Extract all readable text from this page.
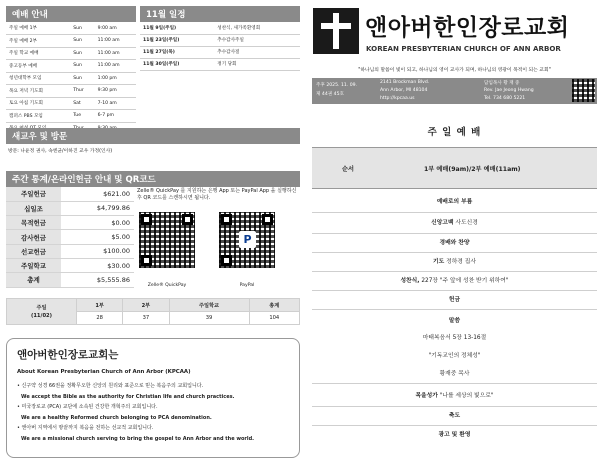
예배 안내
주일 예배 1부	Sun	9:00 am
주일 예배 2부	Sun	11:00 am
주일 학교 예배	Sun	11:00 am
중고등부 예배	Sun	11:00 am
청년대학부 모임	Sun	1:00 pm
목요 저녁 기도회	Thur	9:30 pm
토요 아침 기도회	Sat	7-10 am
캠퍼스 PBS 모임	Tue	6-7 pm

11월 일정
11월 9일(주일)	성찬식, 새가족환영회
11월 23일(주일)	추수감사주일
11월 27일(목)	추수감사절
11월 30일(주일)	정기 당회
새교우 및 방문
방문: 나윤정 권사, 속엔균/이하진 교우 가정(인사)
주간 통계/온라인헌금 안내 및 QR코드
주일헌금	$621.00
십일조	$4,799.86
목적헌금	$0.00
감사헌금	$5.00
선교헌금	$100.00
주일학교	$30.00
총계	$5,555.86
Zelle® QuickPay 를 지원하는 은행 App 또는 PayPal App 을 실행하신 후 QR 코드를 스캔하시면 됩니다.
P
Zelle® QuickPay	PayPal
주일
(11/02)	1부	2부	주일학교	총계
	28	37	39	104
앤아버한인장로교회는
About Korean Presbyterian Church of Ann Arbor (KPCAA)
• 신구약 성경 66권을 정확무오한 신앙의 원리와 표준으로 믿는 복음주의 교회입니다.
We accept the Bible as the authority for Christian life and church practices.
• 미국장로교 (PCA) 교단에 소속된 건강한 개혁주의 교회입니다.
We are a healthy Reformed church belonging to PCA denomination.
• 앤아버 지역에서 땅끝까지 복음을 전하는 선교적 교회입니다.
We are a missional church serving to bring the gospel to Ann Arbor and the world.
앤아버한인장로교회
KOREAN PRESBYTERIAN CHURCH OF ANN ARBOR
"하나님의 말씀이 빛이 되고, 하나님의 영이 교사가 되며, 하나님의 영광이 목적이 되는 교회"
주후 2025. 11. 09.
제 44권 45호
2141 Brockman Blvd.
Ann Arbor, MI 48104
http://kpcaa.us
담임목사 황 재 중
Rev. Jae Jeong Hwang
Tel. 734 680 5221
주 일 예 배
순서	1부 예배(9am)/2부 예배(11am)
예배로의 부름
신앙고백 사도신경
경배와 찬양
기도 정하경 집사
성찬식, 227장 "주 앞에 성찬 받기 위하여"
헌금
말씀
마태복음서 5장 13-16절
"기독교인의 정체성"
황재중 목사
목을성가 "나를 세상의 빛으로"
축도
광고 및 환영
